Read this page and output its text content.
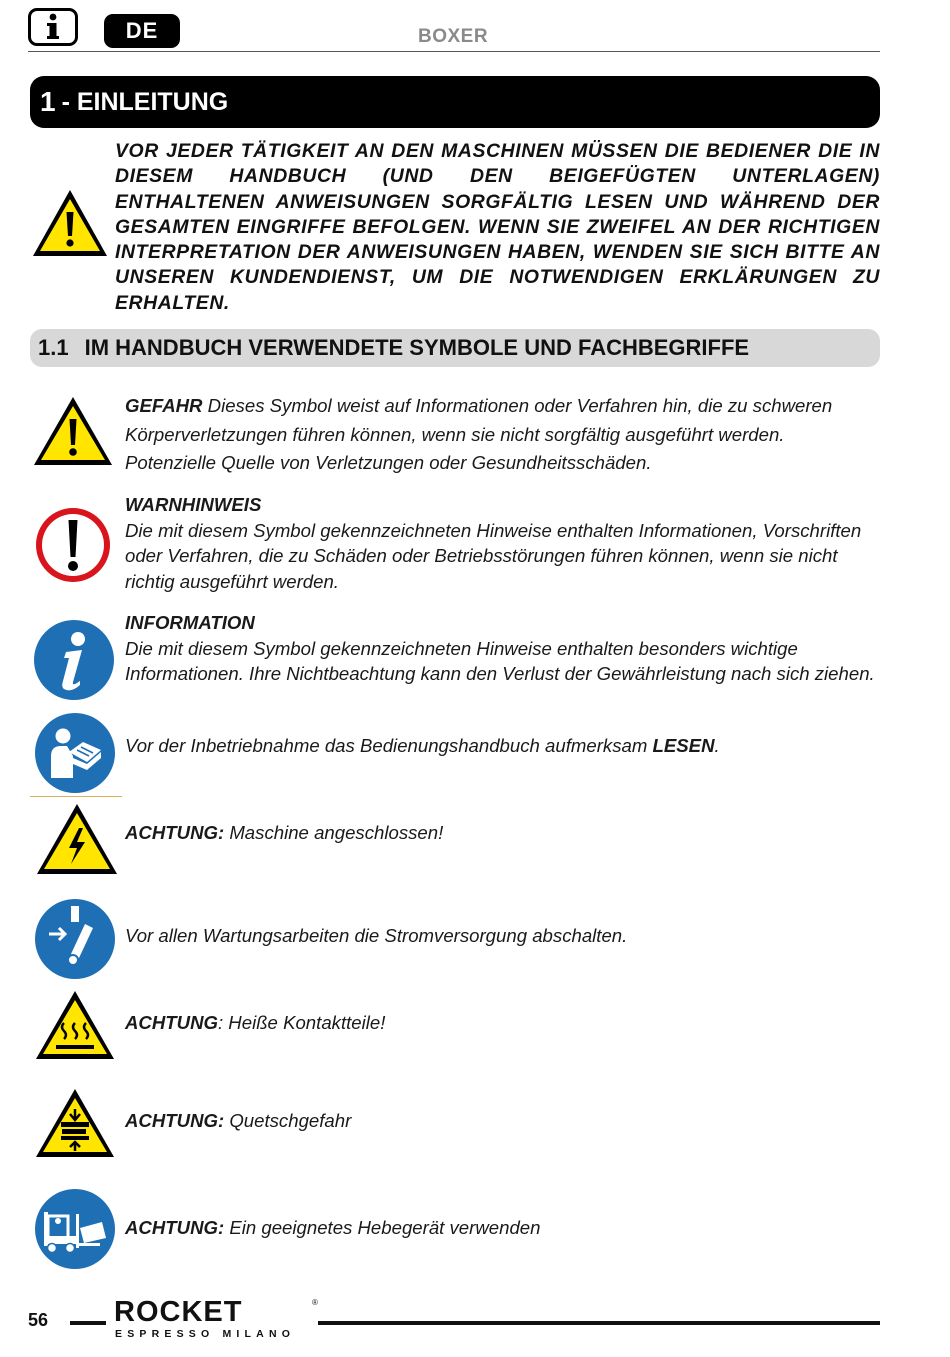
DE	BOXER
1 - EINLEITUNG
VOR JEDER TÄTIGKEIT AN DEN MASCHINEN MÜSSEN DIE BEDIENER DIE IN DIESEM HANDBUCH (UND DEN BEIGEFÜGTEN UNTERLAGEN) ENTHALTENEN ANWEISUNGEN SORGFÄLTIG LESEN UND WÄHREND DER GESAMTEN EINGRIFFE BEFOLGEN. WENN SIE ZWEIFEL AN DER RICHTIGEN INTERPRETATION DER ANWEISUNGEN HABEN, WENDEN SIE SICH BITTE AN UNSEREN KUNDENDIENST, UM DIE NOTWENDIGEN ERKLÄRUNGEN ZU ERHALTEN.
1.1 IM HANDBUCH VERWENDETE SYMBOLE UND FACHBEGRIFFE
GEFAHR Dieses Symbol weist auf Informationen oder Verfahren hin, die zu schweren Körperverletzungen führen können, wenn sie nicht sorgfältig ausgeführt werden. Potenzielle Quelle von Verletzungen oder Gesundheitsschäden.
WARNHINWEIS
Die mit diesem Symbol gekennzeichneten Hinweise enthalten Informationen, Vorschriften oder Verfahren, die zu Schäden oder Betriebsstörungen führen können, wenn sie nicht richtig ausgeführt werden.
INFORMATION
Die mit diesem Symbol gekennzeichneten Hinweise enthalten besonders wichtige Informationen. Ihre Nichtbeachtung kann den Verlust der Gewährleistung nach sich ziehen.
Vor der Inbetriebnahme das Bedienungshandbuch aufmerksam LESEN.
ACHTUNG: Maschine angeschlossen!
Vor allen Wartungsarbeiten die Stromversorgung abschalten.
ACHTUNG: Heiße Kontaktteile!
ACHTUNG: Quetschgefahr
ACHTUNG: Ein geeignetes Hebegerät verwenden
56 ROCKET	®
ESPRESSO MILANO
